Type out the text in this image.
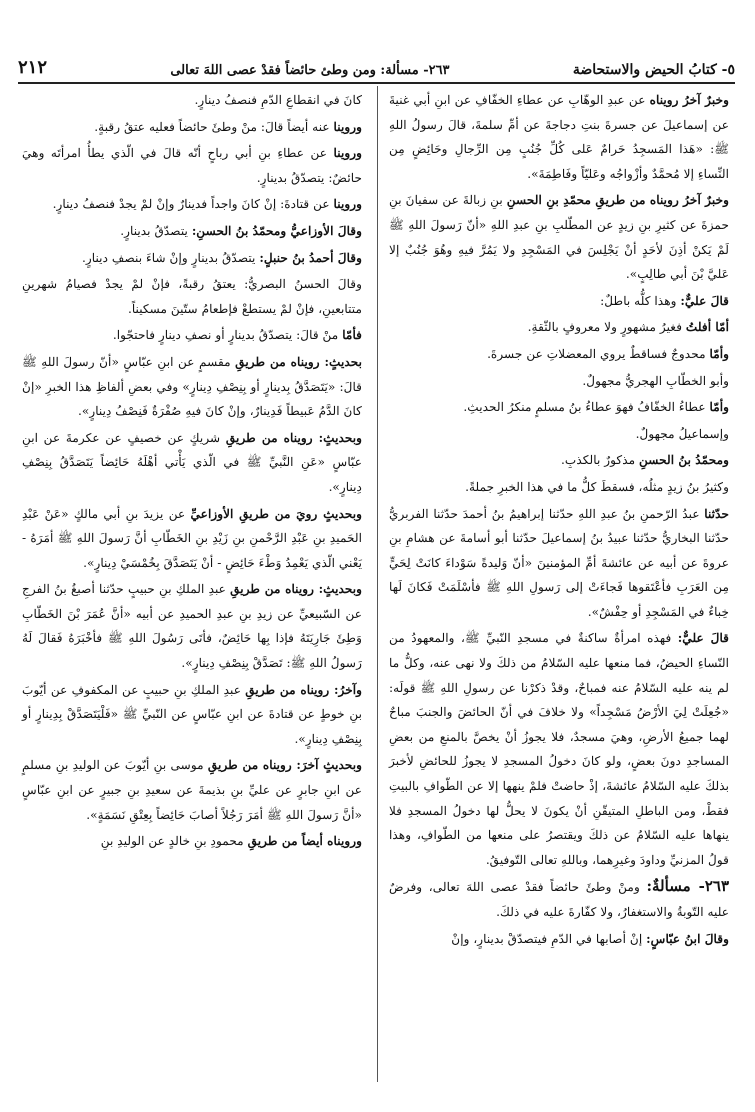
٥- كتابُ الحيض والاستحاضة
٢٦٣- مسألة: ومن وطئ حائضاً فقدْ عصى اللهَ تعالى
٢١٢

وخبرٌ آخرُ رويناه عن عبدِ الوهّابِ عن عطاءِ الخفّافِ عن ابنِ أبي غنيةَ عن إسماعيلَ عن جسرةَ بنتِ دجاجةَ عن أمِّ سلمةَ، قالَ رسولُ اللهِ ﷺ: «هَذا المَسجِدُ حَرامٌ عَلى كُلِّ جُنُبٍ مِن الرِّجالِ وحَائِضٍ مِن النِّساءِ إلا مُحمَّدٌ وأزْواجُه وعَليّاً وفَاطِمَةَ».

وخبرٌ آخرُ رويناه من طريقِ محمّدِ بنِ الحسنِ بنِ زبالةَ عن سفيانَ بنِ حمزةَ عن كثيرِ بنِ زيدٍ عن المطّلبِ بنِ عبدِ اللهِ «أنّ رَسولَ اللهِ ﷺ لَمْ يَكنْ أذِنَ لأحَدٍ أنْ يَجْلِسَ في المَسْجِدِ ولا يَمُرَّ فيهِ وهُوَ جُنُبٌ إلا عَليَّ بْنَ أبي طالِبٍ».

قالَ عليٌّ: وهذا كلُّه باطلٌ:

أمّا أفلتُ فغيرُ مشهورٍ ولا معروفٍ بالثّقةِ.

وأمّا محدوجٌ فساقطٌ يروي المعضلاتِ عن جسرةَ.

وأبو الخطّابِ الهجريُّ مجهولٌ.

وأمّا عطاءُ الخفّافُ فهوَ عطاءُ بنُ مسلمٍ منكرُ الحديثِ.

وإسماعيلُ مجهولٌ.

ومحمّدُ بنُ الحسنِ مذكورٌ بالكذبِ.

وكثيرُ بنُ زيدٍ مثلُه، فسقطَ كلُّ ما في هذا الخبرِ جملةً.

حدّثنا عبدُ الرّحمنِ بنُ عبدِ اللهِ حدّثنا إبراهيمُ بنُ أحمدَ حدّثنا الفربريُّ حدّثنا البخاريُّ حدّثنا عبيدُ بنُ إسماعيلَ حدّثنا أبو أسامةَ عن هشامِ بنِ عروةَ عن أبيه عن عائشةَ أمِّ المؤمنينَ «أنّ وَليدةً سَوْداءَ كانَتْ لِحَيٍّ مِن العَرَبِ فأعْتَقوها فَجاءَتْ إلى رَسولِ اللهِ ﷺ فأسْلَمَتْ فَكانَ لَها خِباءٌ في المَسْجِدِ أو حِفْشٌ».

قالَ عليٌّ: فهذه امرأةٌ ساكنةٌ في مسجدِ النّبيِّ ﷺ، والمعهودُ من النّساءِ الحيضُ، فما منعها عليه السّلامُ من ذلكَ ولا نهى عنه، وكلُّ ما لم ينه عليه السّلامُ عنه فمباحٌ، وقدْ ذكرْنا عن رسولِ اللهِ ﷺ قولَه: «جُعِلَتْ لِيَ الأرْضُ مَسْجِداً» ولا خلافَ في أنّ الحائضَ والجنبَ مباحٌ لهما جميعُ الأرضِ، وهيَ مسجدٌ، فلا يجوزُ أنْ يخصَّ بالمنعِ من بعضِ المساجدِ دونَ بعضٍ، ولو كانَ دخولُ المسجدِ لا يجوزُ للحائضِ لأخبرَ بذلكَ عليه السّلامُ عائشةَ، إذْ حاضتْ فلمْ ينهها إلا عن الطّوافِ بالبيتِ فقطْ، ومن الباطلِ المتيقّنِ أنْ يكونَ لا يحلُّ لها دخولُ المسجدِ فلا ينهاها عليه السّلامُ عن ذلكَ ويقتصرُ على منعها من الطّوافِ، وهذا قولُ المزنيِّ وداودَ وغيرِهما، وباللهِ تعالى التّوفيقُ.

٢٦٣- مسألةٌ: ومنْ وطئَ حائضاً فقدْ عصى اللهَ تعالى، وفرضٌ عليه التّوبةُ والاستغفارُ، ولا كفّارةَ عليه في ذلكَ.

وقالَ ابنُ عبّاسٍ: إنْ أصابها في الدّمِ فيتصدّقْ بدينارٍ، وإنْ

كانَ في انقطاعِ الدّمِ فنصفُ دينارٍ.

وروينا عنه أيضاً قالَ: منْ وطئَ حائضاً فعليه عتقُ رقبةٍ.

وروينا عن عطاءِ بنِ أبي رباحٍ أنّه قالَ في الّذي يطأُ امرأتَه وهيَ حائضٌ: يتصدّقُ بدينارٍ.

وروينا عن قتادةَ: إنْ كانَ واجداً فدينارٌ وإنْ لمْ يجدْ فنصفُ دينارٍ.

وقالَ الأوزاعيُّ ومحمّدُ بنُ الحسنِ: يتصدّقُ بدينارٍ.

وقالَ أحمدُ بنُ حنبلٍ: يتصدّقُ بدينارٍ وإنْ شاءَ بنصفِ دينارٍ.

وقالَ الحسنُ البصريُّ: يعتقُ رقبةً، فإنْ لمْ يجدْ فصيامُ شهرينِ متتابعينِ، فإنْ لمْ يستطعْ فإطعامُ ستّينَ مسكيناً.

فأمّا منْ قالَ: يتصدّقُ بدينارٍ أو نصفِ دينارٍ فاحتجّوا.

بحديثٍ: رويناه من طريقِ مقسمٍ عن ابنِ عبّاسٍ «أنّ رسولَ اللهِ ﷺ قالَ: «يَتَصَدَّقُ بِدينارٍ أو بِنِصْفِ دِينارٍ» وفي بعضِ ألفاظِ هذا الخبرِ «إنْ كانَ الدَّمُ عَبيطاً فَدِينارٌ، وإنْ كانَ فيهِ صُفْرَةٌ فَنِصْفُ دِينارٍ».

وبحديثٍ: رويناه من طريقِ شريكٍ عن خصيفٍ عن عكرمةَ عن ابنِ عبّاسٍ «عَنِ النَّبيِّ ﷺ في الّذي يَأْتي أهْلَهُ حَائِضاً يَتَصَدَّقُ بِنِصْفِ دِينارٍ».

وبحديثٍ رويَ من طريقِ الأوزاعيِّ عن يزيدَ بنِ أبي مالكٍ «عَنْ عَبْدِ الحَميدِ بنِ عَبْدِ الرَّحْمنِ بنِ زَيْدِ بنِ الخَطّابِ أنَّ رَسولَ اللهِ ﷺ أمَرَهُ - يَعْني الّذي يَعْمِدُ وَطْءَ حَائِضٍ - أنْ يَتَصَدَّقَ بِخُمْسَيْ دِينارٍ».

وبحديثٍ: رويناه من طريقِ عبدِ الملكِ بنِ حبيبٍ حدّثنا أصبغُ بنُ الفرجِ عن السّبيعيِّ عن زيدِ بنِ عبدِ الحميدِ عن أبيه «أنَّ عُمَرَ بْنَ الخَطّابِ وَطِئَ جَارِيَتَهُ فإذا بِها حَائِضٌ، فأتَى رَسُولَ اللهِ ﷺ فأخْبَرَهُ فَقالَ لَهُ رَسولُ اللهِ ﷺ: تَصَدَّقْ بِنِصْفِ دِينارٍ».

وآخرُ: رويناه من طريقِ عبدِ الملكِ بنِ حبيبٍ عن المكفوفِ عن أيّوبَ بنِ خوطٍ عن قتادةَ عن ابنِ عبّاسٍ عن النّبيِّ ﷺ «فَلْيَتَصَدَّقْ بِدِينارٍ أو بِنِصْفِ دِينارٍ».

وبحديثٍ آخرَ: رويناه من طريقِ موسى بنِ أيّوبَ عن الوليدِ بنِ مسلمٍ عن ابنِ جابرٍ عن عليِّ بنِ بذيمةَ عن سعيدِ بنِ جبيرٍ عن ابنِ عبّاسٍ «أنَّ رَسولَ اللهِ ﷺ أمَرَ رَجُلاً أصابَ حَائِضاً بِعِتْقِ نَسَمَةٍ».

ورويناه أيضاً من طريقِ محمودِ بنِ خالدٍ عن الوليدِ بنِ
